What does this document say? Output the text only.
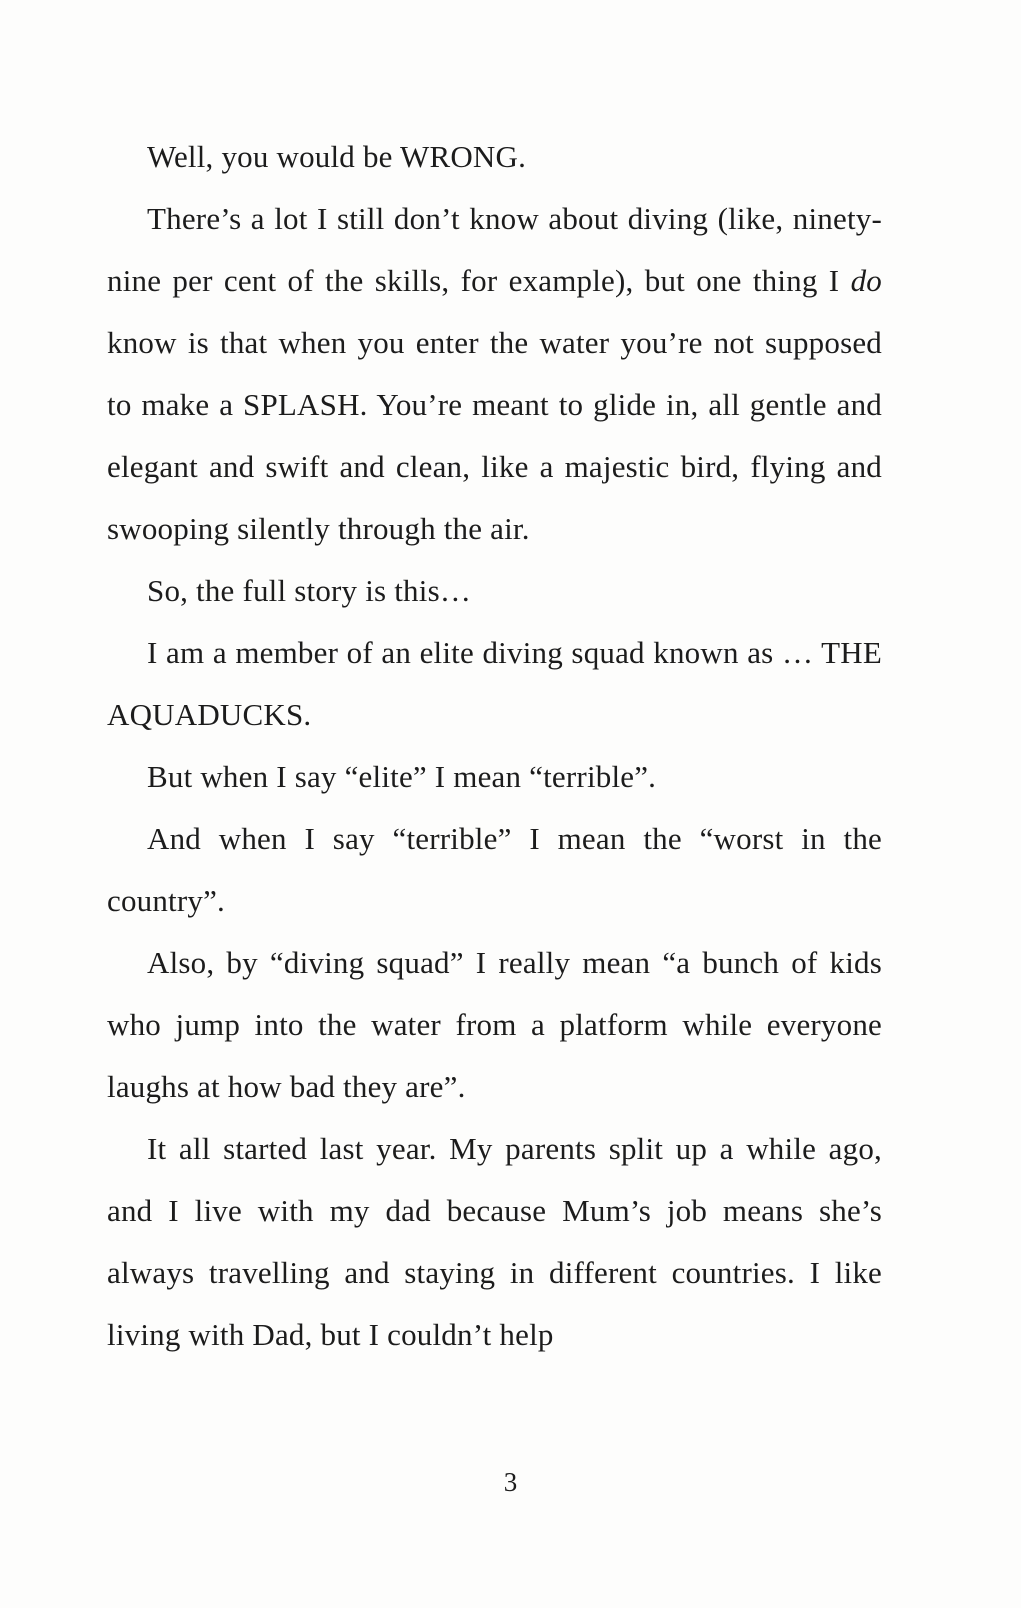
Well, you would be WRONG.

There’s a lot I still don’t know about diving (like, ninety-nine per cent of the skills, for example), but one thing I do know is that when you enter the water you’re not supposed to make a SPLASH. You’re meant to glide in, all gentle and elegant and swift and clean, like a majestic bird, flying and swooping silently through the air.

So, the full story is this…

I am a member of an elite diving squad known as … THE AQUADUCKS.

But when I say “elite” I mean “terrible”.

And when I say “terrible” I mean the “worst in the country”.

Also, by “diving squad” I really mean “a bunch of kids who jump into the water from a platform while everyone laughs at how bad they are”.

It all started last year. My parents split up a while ago, and I live with my dad because Mum’s job means she’s always travelling and staying in different countries. I like living with Dad, but I couldn’t help

3
